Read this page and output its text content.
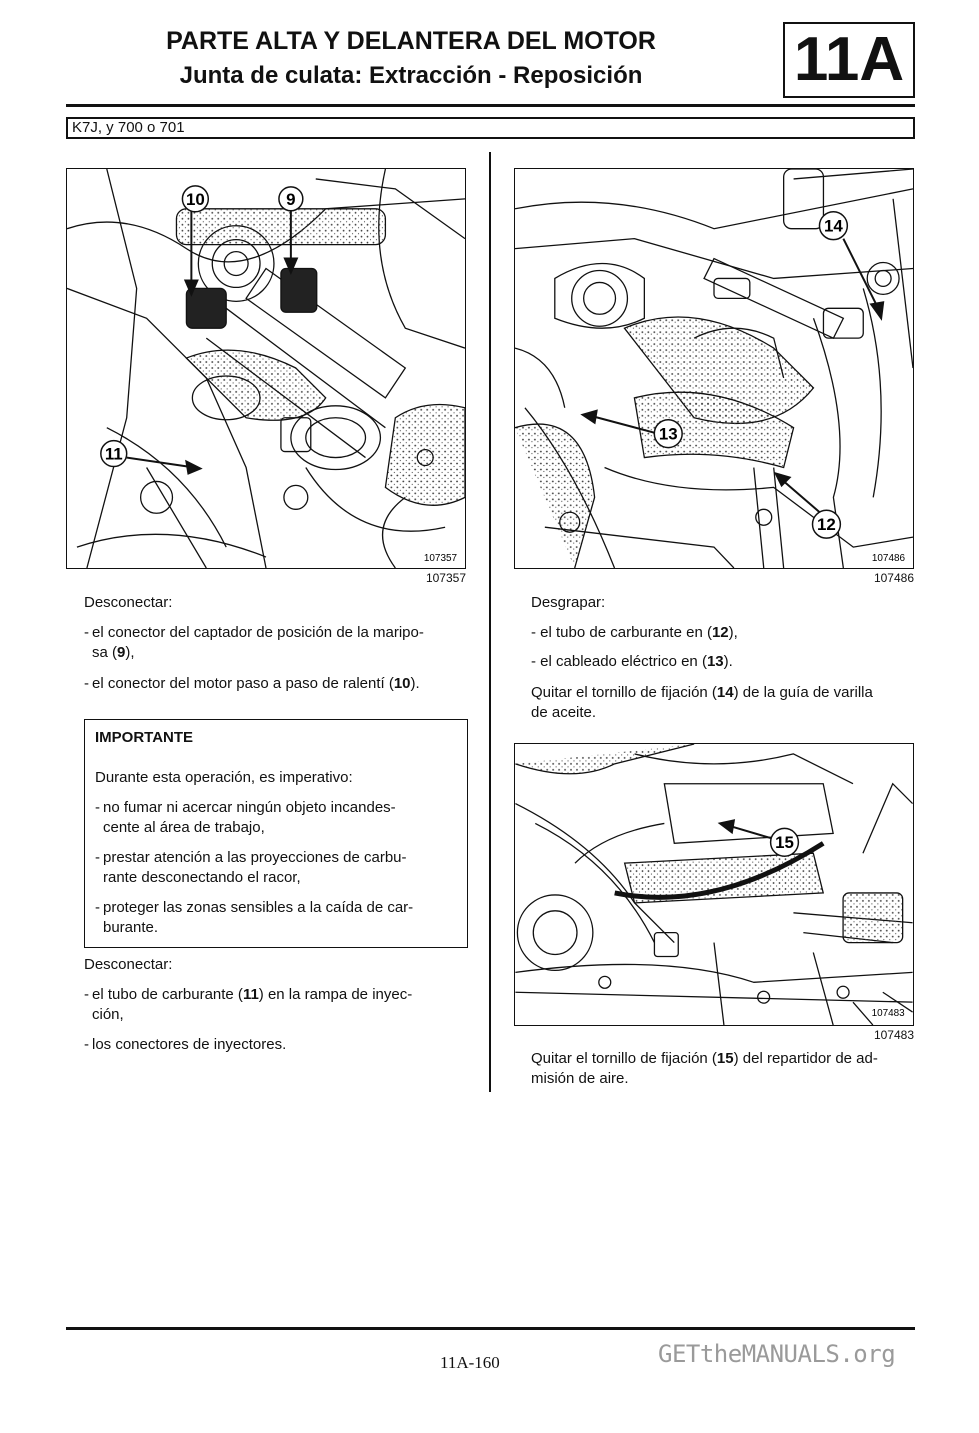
PARTE ALTA Y DELANTERA DEL MOTOR
Junta de culata: Extracción - Reposición	11A
K7J, y 700 o 701
10	9
11
107357
107357
14
13
12
107486
107486
15
107483
107483
Desconectar:
- el conector del captador de posición de la maripo-
sa (9),
- el conector del motor paso a paso de ralentí (10).
IMPORTANTE
Durante esta operación, es imperativo:
- no fumar ni acercar ningún objeto incandes-
cente al área de trabajo,
- prestar atención a las proyecciones de carbu-
rante desconectando el racor,
- proteger las zonas sensibles a la caída de car-
burante.
Desconectar:
- el tubo de carburante (11) en la rampa de inyec-
ción,
- los conectores de inyectores.
Desgrapar:
- el tubo de carburante en (12),
- el cableado eléctrico en (13).
Quitar el tornillo de fijación (14) de la guía de varilla
de aceite.
Quitar el tornillo de fijación (15) del repartidor de ad-
misión de aire.
11A-160	GETtheMANUALS.org
